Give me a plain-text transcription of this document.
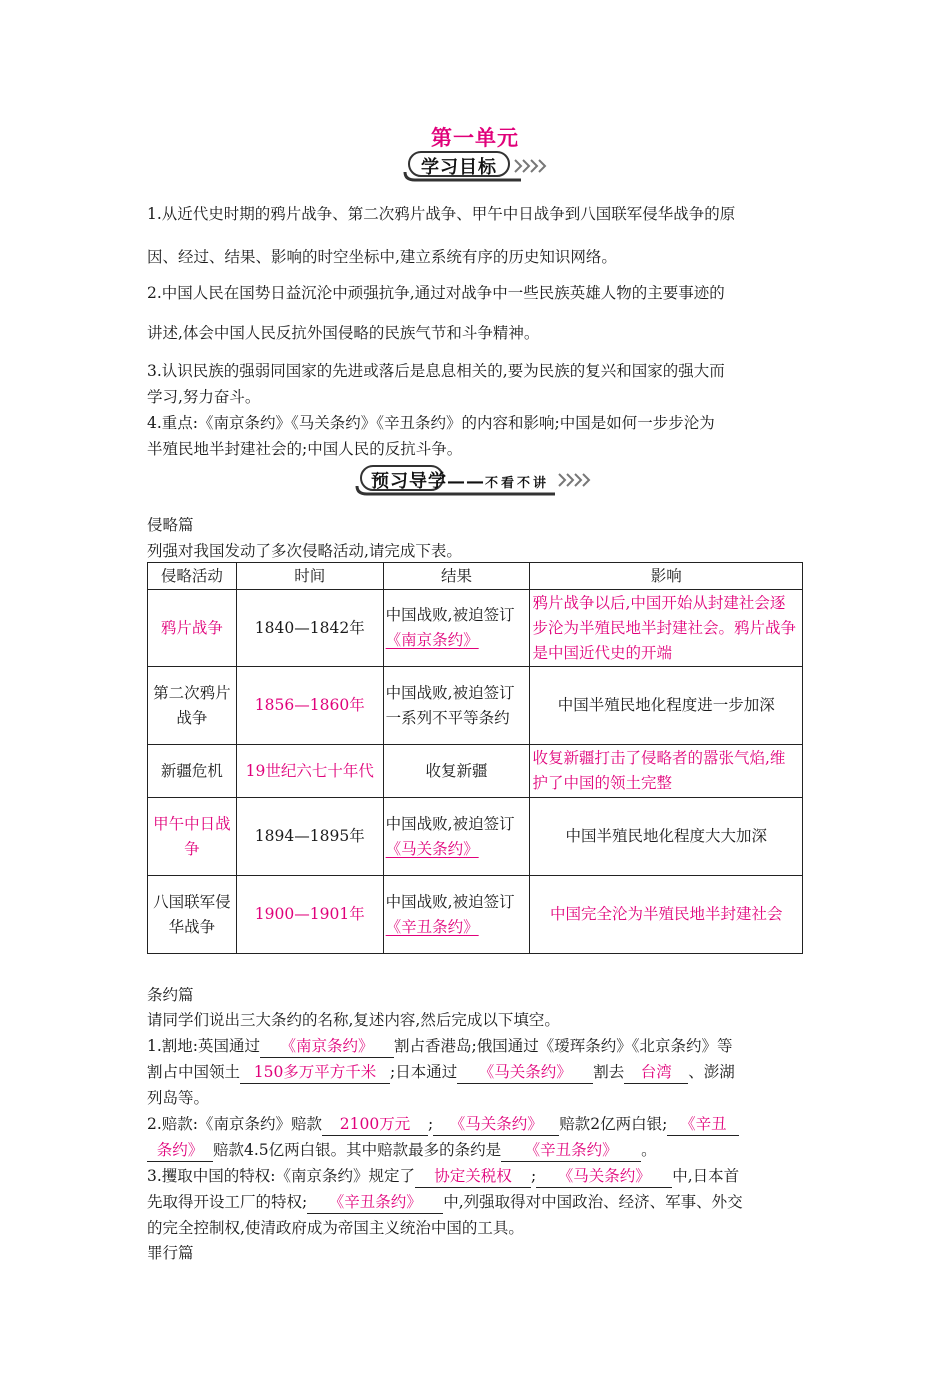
第一单元
学习目标
1.从近代史时期的鸦片战争、第二次鸦片战争、甲午中日战争到八国联军侵华战争的原
因、经过、结果、影响的时空坐标中,建立系统有序的历史知识网络。
2.中国人民在国势日益沉沦中顽强抗争,通过对战争中一些民族英雄人物的主要事迹的
讲述,体会中国人民反抗外国侵略的民族气节和斗争精神。
3.认识民族的强弱同国家的先进或落后是息息相关的,要为民族的复兴和国家的强大而
学习,努力奋斗。
4.重点:《南京条约》《马关条约》《辛丑条约》的内容和影响;中国是如何一步步沦为
半殖民地半封建社会的;中国人民的反抗斗争。
预习导学——不看不讲
侵略篇
列强对我国发动了多次侵略活动,请完成下表。
侵略活动	时间	结果	影响
鸦片战争	1840—1842年	中国战败,被迫签订《南京条约》	鸦片战争以后,中国开始从封建社会逐步沦为半殖民地半封建社会。鸦片战争是中国近代史的开端
第二次鸦片战争	1856—1860年	中国战败,被迫签订一系列不平等条约	中国半殖民地化程度进一步加深
新疆危机	19世纪六七十年代	收复新疆	收复新疆打击了侵略者的嚣张气焰,维护了中国的领土完整
甲午中日战争	1894—1895年	中国战败,被迫签订《马关条约》	中国半殖民地化程度大大加深
八国联军侵华战争	1900—1901年	中国战败,被迫签订《辛丑条约》	中国完全沦为半殖民地半封建社会
条约篇
请同学们说出三大条约的名称,复述内容,然后完成以下填空。
1.割地:英国通过 《南京条约》 割占香港岛;俄国通过《瑷珲条约》《北京条约》等
割占中国领土 150多万平方千米 ;日本通过 《马关条约》 割去 台湾 、澎湖
列岛等。
2.赔款:《南京条约》赔款 2100万元 ; 《马关条约》 赔款2亿两白银; 《辛丑
条约》 赔款4.5亿两白银。其中赔款最多的条约是 《辛丑条约》 。
3.攫取中国的特权:《南京条约》规定了 协定关税权 ; 《马关条约》 中,日本首
先取得开设工厂的特权; 《辛丑条约》 中,列强取得对中国政治、经济、军事、外交
的完全控制权,使清政府成为帝国主义统治中国的工具。
罪行篇
